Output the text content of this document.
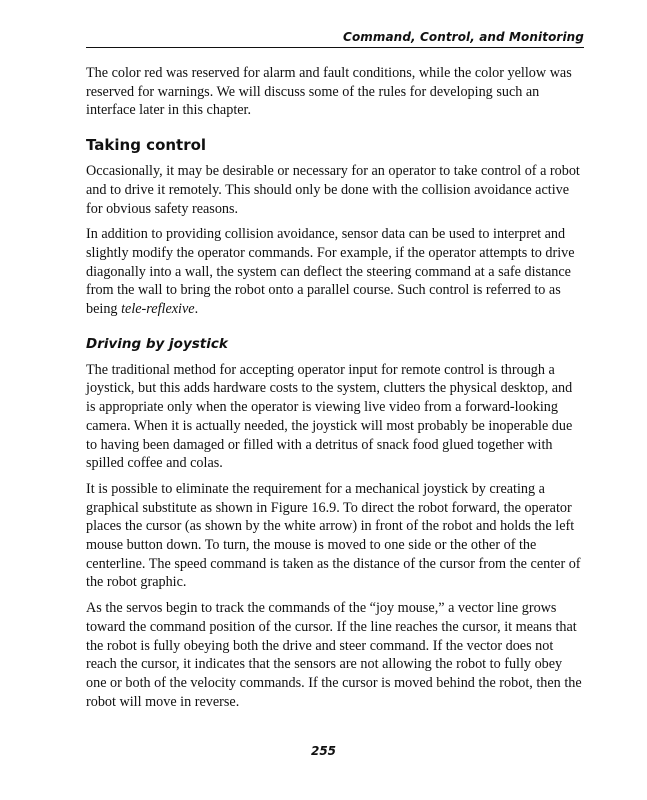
Command, Control, and Monitoring

The color red was reserved for alarm and fault conditions, while the color yellow was reserved for warnings. We will discuss some of the rules for developing such an interface later in this chapter.

Taking control

Occasionally, it may be desirable or necessary for an operator to take control of a robot and to drive it remotely. This should only be done with the collision avoidance active for obvious safety reasons.

In addition to providing collision avoidance, sensor data can be used to interpret and slightly modify the operator commands. For example, if the operator attempts to drive diagonally into a wall, the system can deflect the steering command at a safe distance from the wall to bring the robot onto a parallel course. Such control is referred to as being tele-reflexive.

Driving by joystick

The traditional method for accepting operator input for remote control is through a joystick, but this adds hardware costs to the system, clutters the physical desktop, and is appropriate only when the operator is viewing live video from a forward-looking camera. When it is actually needed, the joystick will most probably be inoperable due to having been damaged or filled with a detritus of snack food glued together with spilled coffee and colas.

It is possible to eliminate the requirement for a mechanical joystick by creating a graphical substitute as shown in Figure 16.9. To direct the robot forward, the operator places the cursor (as shown by the white arrow) in front of the robot and holds the left mouse button down. To turn, the mouse is moved to one side or the other of the centerline. The speed command is taken as the distance of the cursor from the center of the robot graphic.

As the servos begin to track the commands of the “joy mouse,” a vector line grows toward the command position of the cursor. If the line reaches the cursor, it means that the robot is fully obeying both the drive and steer command. If the vector does not reach the cursor, it indicates that the sensors are not allowing the robot to fully obey one or both of the velocity commands. If the cursor is moved behind the robot, then the robot will move in reverse.

255
